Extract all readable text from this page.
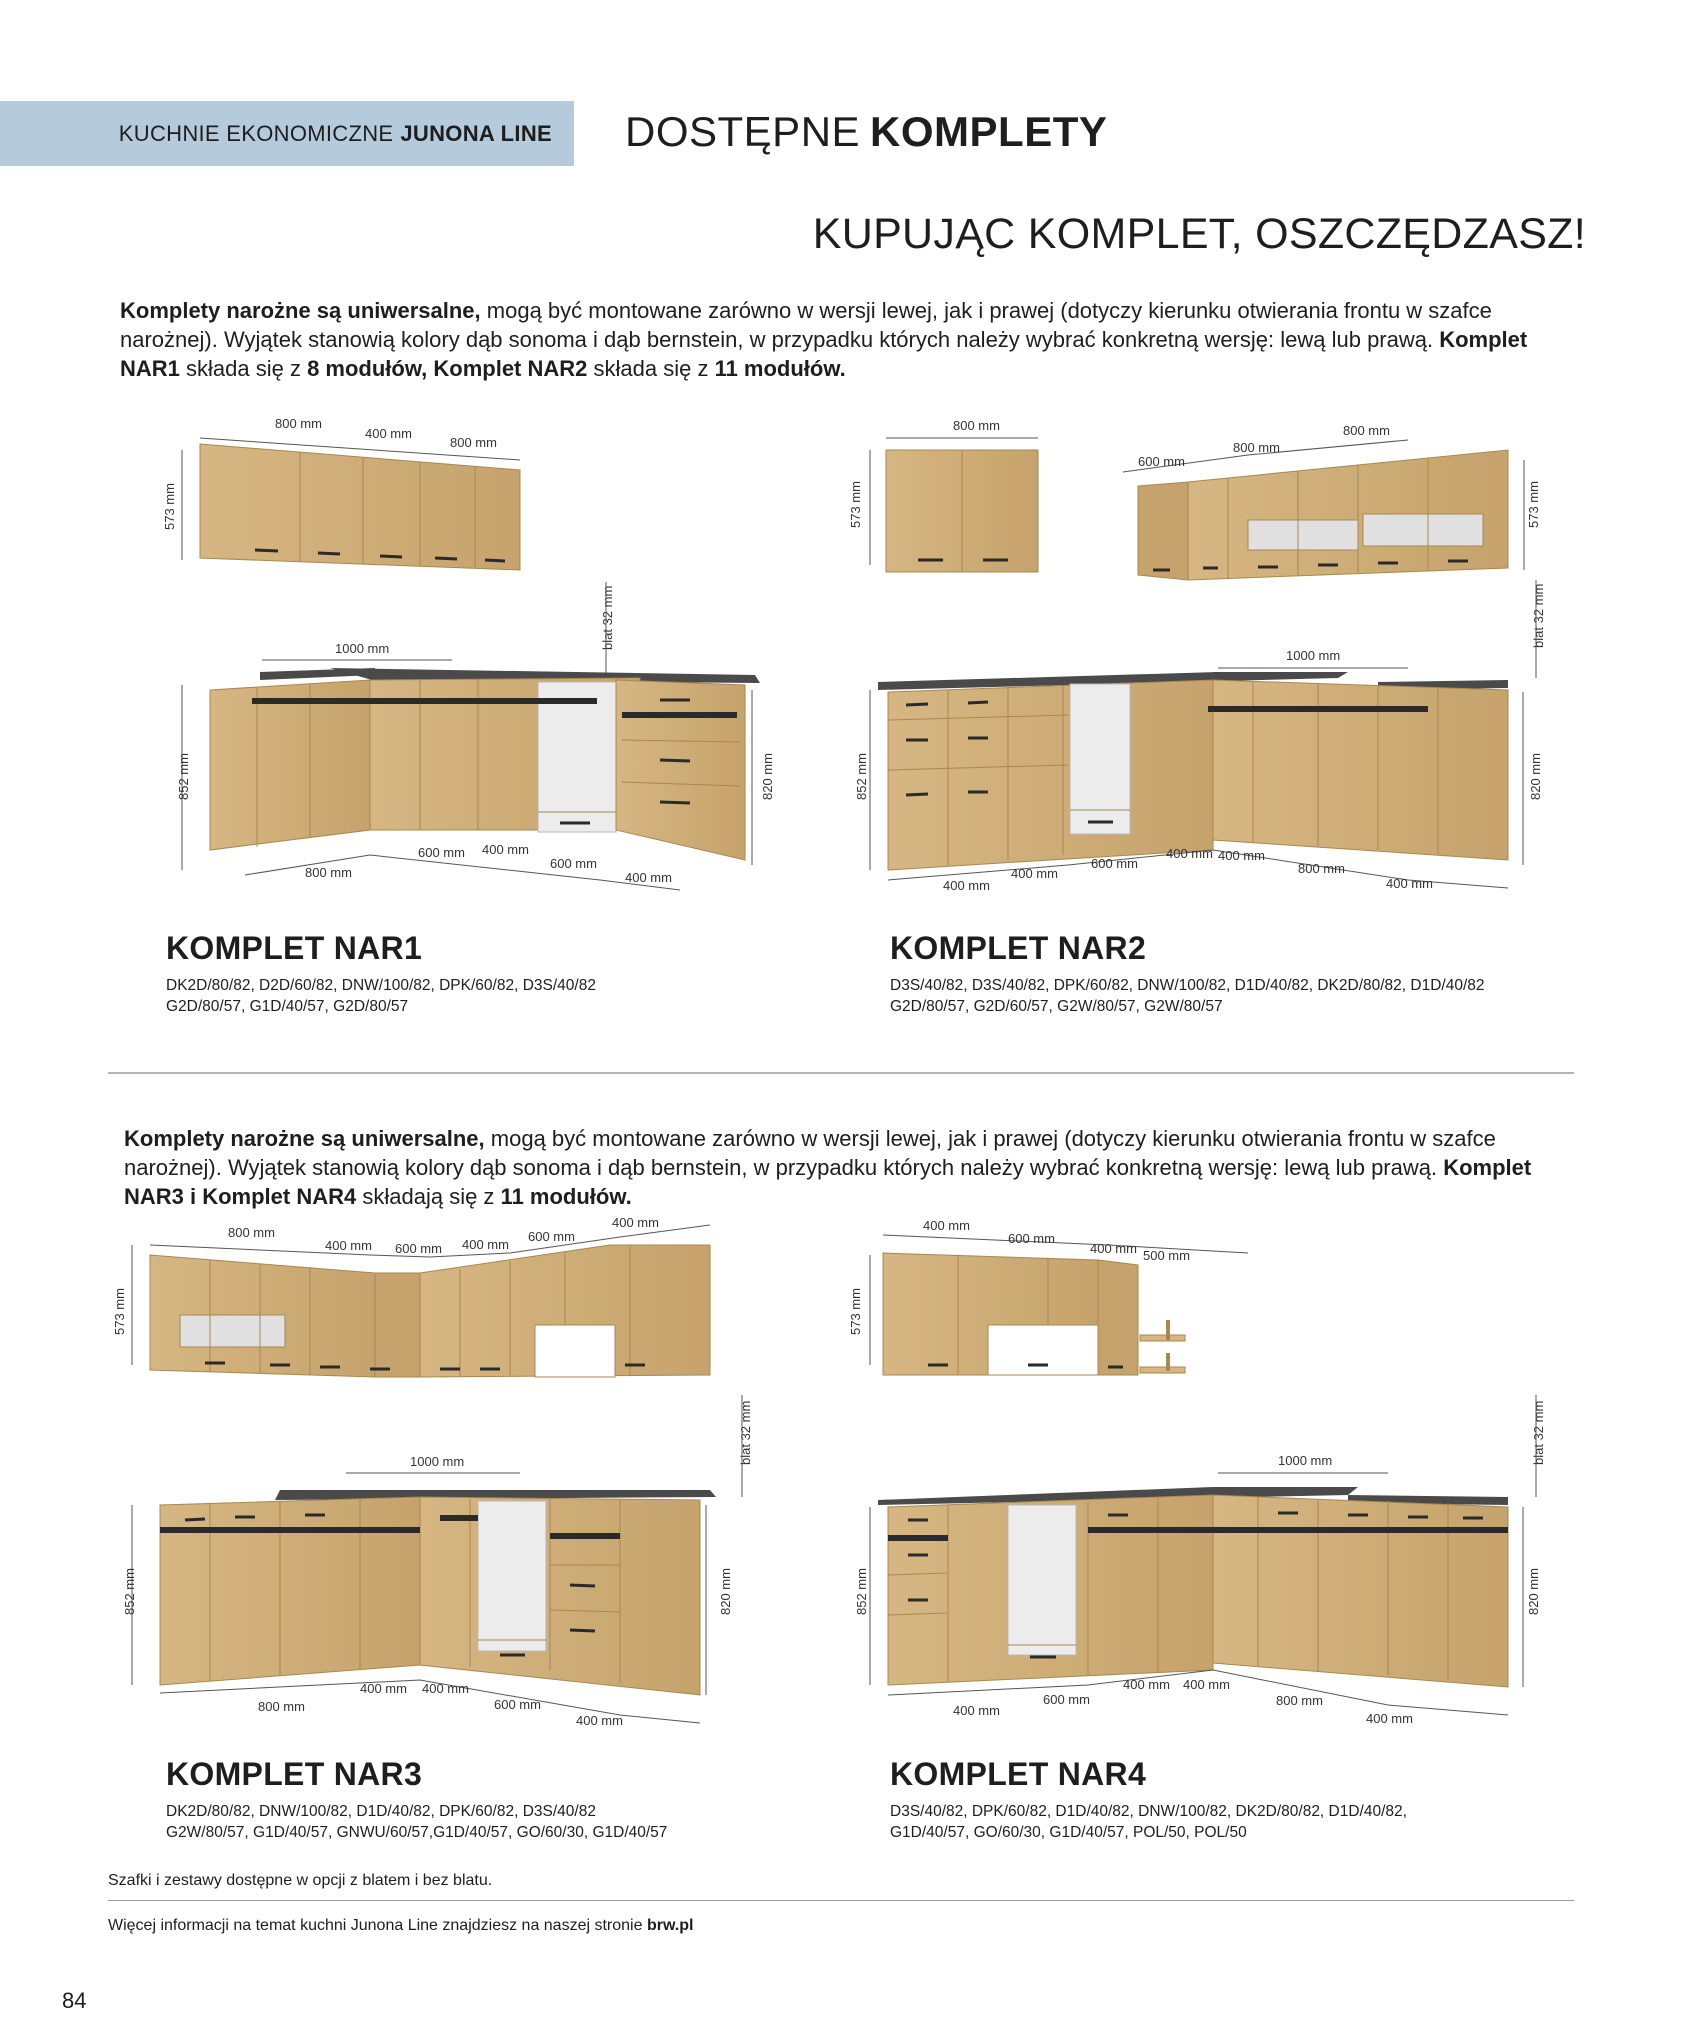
KUCHNIE EKONOMICZNE JUNONA LINE DOSTĘPNE KOMPLETY
KUPUJĄC KOMPLET, OSZCZĘDZASZ!
Komplety narożne są uniwersalne, mogą być montowane zarówno w wersji lewej, jak i prawej (dotyczy kierunku otwierania frontu w szafce narożnej). Wyjątek stanowią kolory dąb sonoma i dąb bernstein, w przypadku których należy wybrać konkretną wersję: lewą lub prawą. Komplet NAR1 składa się z 8 modułów, Komplet NAR2 składa się z 11 modułów.
800 mm
400 mm
800 mm
573 mm
1000 mm	blat 32 mm
852 mm	820 mm
800 mm
600 mm 400 mm
600 mm
400 mm
800 mm
573 mm
600 mm
800 mm
800 mm
573 mm
1000 mm
blat 32 mm
820 mm
852 mm
400 mm
400 mm
600 mm
400 mm 400 mm
800 mm
400 mm
KOMPLET NAR1
DK2D/80/82, D2D/60/82, DNW/100/82, DPK/60/82, D3S/40/82
G2D/80/57, G1D/40/57, G2D/80/57
KOMPLET NAR2
D3S/40/82, D3S/40/82, DPK/60/82, DNW/100/82, D1D/40/82, DK2D/80/82, D1D/40/82
G2D/80/57, G2D/60/57, G2W/80/57, G2W/80/57
Komplety narożne są uniwersalne, mogą być montowane zarówno w wersji lewej, jak i prawej (dotyczy kierunku otwierania frontu w szafce narożnej). Wyjątek stanowią kolory dąb sonoma i dąb bernstein, w przypadku których należy wybrać konkretną wersję: lewą lub prawą. Komplet NAR3 i Komplet NAR4 składają się z 11 modułów.
800 mm
400 mm 600 mm 400 mm
600 mm
400 mm
573 mm
1000 mm	blat 32 mm
852 mm	820 mm
800 mm
400 mm 400 mm
600 mm
400 mm
400 mm
600 mm
400 mm 500 mm
573 mm
1000 mm	blat 32 mm
852 mm	820 mm
400 mm
600 mm
400 mm 400 mm
800 mm
400 mm
KOMPLET NAR3
DK2D/80/82, DNW/100/82, D1D/40/82, DPK/60/82, D3S/40/82
G2W/80/57, G1D/40/57, GNWU/60/57,G1D/40/57, GO/60/30, G1D/40/57
KOMPLET NAR4
D3S/40/82, DPK/60/82, D1D/40/82, DNW/100/82, DK2D/80/82, D1D/40/82,
G1D/40/57, GO/60/30, G1D/40/57, POL/50, POL/50
Szafki i zestawy dostępne w opcji z blatem i bez blatu.
Więcej informacji na temat kuchni Junona Line znajdziesz na naszej stronie brw.pl
84
